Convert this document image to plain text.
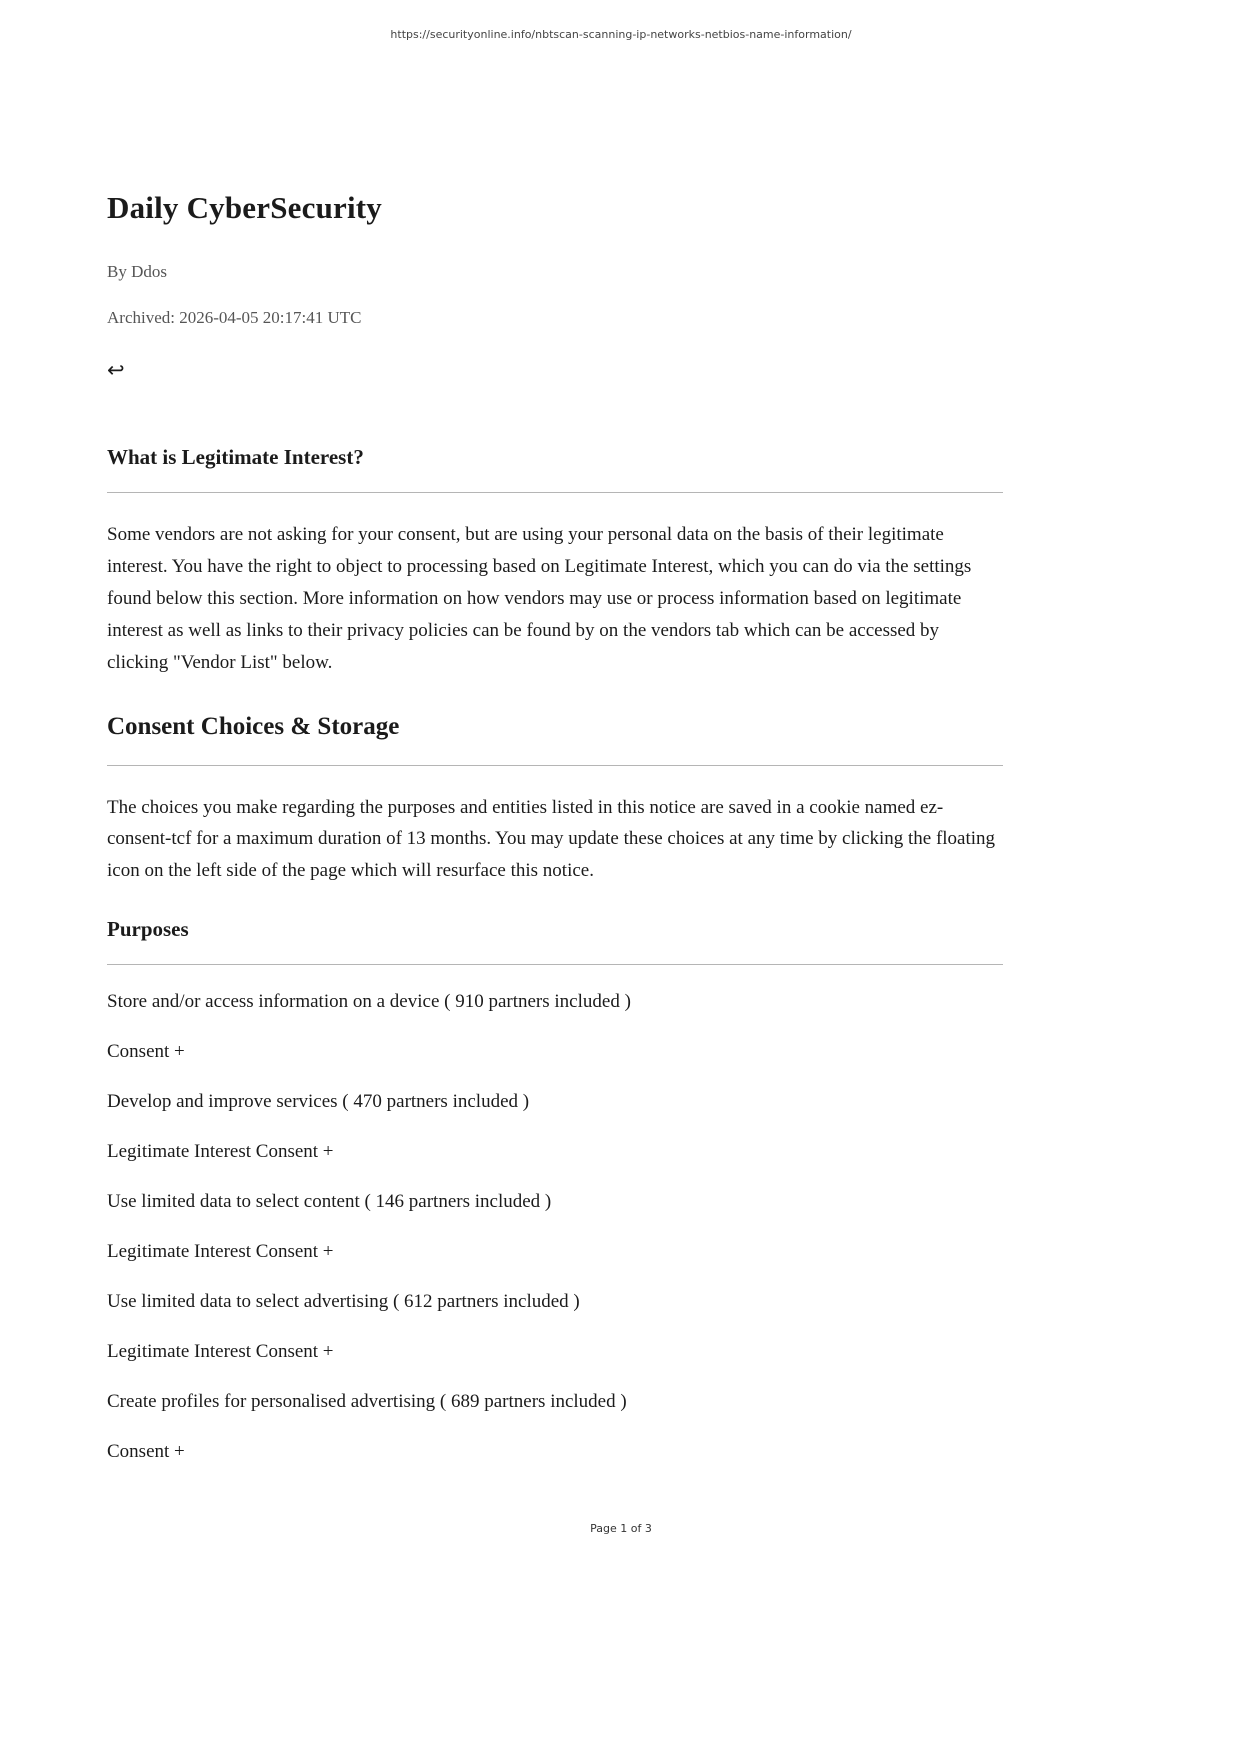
https://securityonline.info/nbtscan-scanning-ip-networks-netbios-name-information/
Daily CyberSecurity

By Ddos

Archived: 2026-04-05 20:17:41 UTC

↩
What is Legitimate Interest?

Some vendors are not asking for your consent, but are using your personal data on the basis of their legitimate interest. You have the right to object to processing based on Legitimate Interest, which you can do via the settings found below this section. More information on how vendors may use or process information based on legitimate interest as well as links to their privacy policies can be found by on the vendors tab which can be accessed by clicking "Vendor List" below.

Consent Choices & Storage

The choices you make regarding the purposes and entities listed in this notice are saved in a cookie named ez-consent-tcf for a maximum duration of 13 months. You may update these choices at any time by clicking the floating icon on the left side of the page which will resurface this notice.

Purposes

Store and/or access information on a device ( 910 partners included )

Consent +

Develop and improve services ( 470 partners included )

Legitimate Interest Consent +

Use limited data to select content ( 146 partners included )

Legitimate Interest Consent +

Use limited data to select advertising ( 612 partners included )

Legitimate Interest Consent +

Create profiles for personalised advertising ( 689 partners included )

Consent +

Page 1 of 3
